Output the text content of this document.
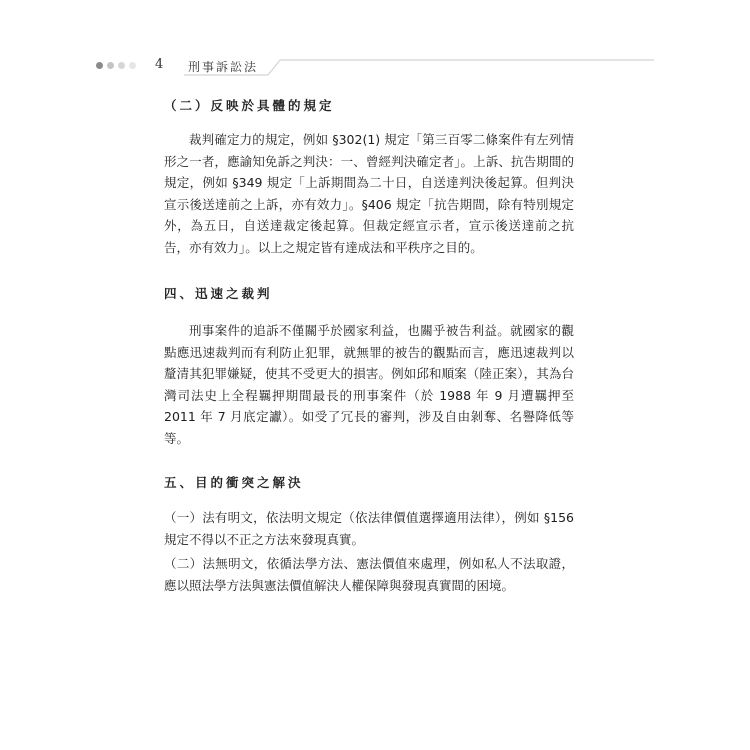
4 刑事訴訟法
（二）反映於具體的規定

裁判確定力的規定，例如 §302(1) 規定「第三百零二條案件有左列情形之一者，應諭知免訴之判決：一、曾經判決確定者」。上訴、抗告期間的規定，例如 §349 規定「上訴期間為二十日，自送達判決後起算。但判決宣示後送達前之上訴，亦有效力」。§406 規定「抗告期間，除有特別規定外，為五日，自送達裁定後起算。但裁定經宣示者，宣示後送達前之抗告，亦有效力」。以上之規定皆有達成法和平秩序之目的。

四、迅速之裁判

刑事案件的追訴不僅關乎於國家利益，也關乎被告利益。就國家的觀點應迅速裁判而有利防止犯罪，就無罪的被告的觀點而言，應迅速裁判以釐清其犯罪嫌疑，使其不受更大的損害。例如邱和順案（陸正案），其為台灣司法史上全程羈押期間最長的刑事案件（於 1988 年 9 月遭羈押至 2011 年 7 月底定讞）。如受了冗長的審判，涉及自由剝奪、名譽降低等等。

五、目的衝突之解決

（一）法有明文，依法明文規定（依法律價值選擇適用法律），例如 §156 規定不得以不正之方法來發現真實。

（二）法無明文，依循法學方法、憲法價值來處理，例如私人不法取證，應以照法學方法與憲法價值解決人權保障與發現真實間的困境。
